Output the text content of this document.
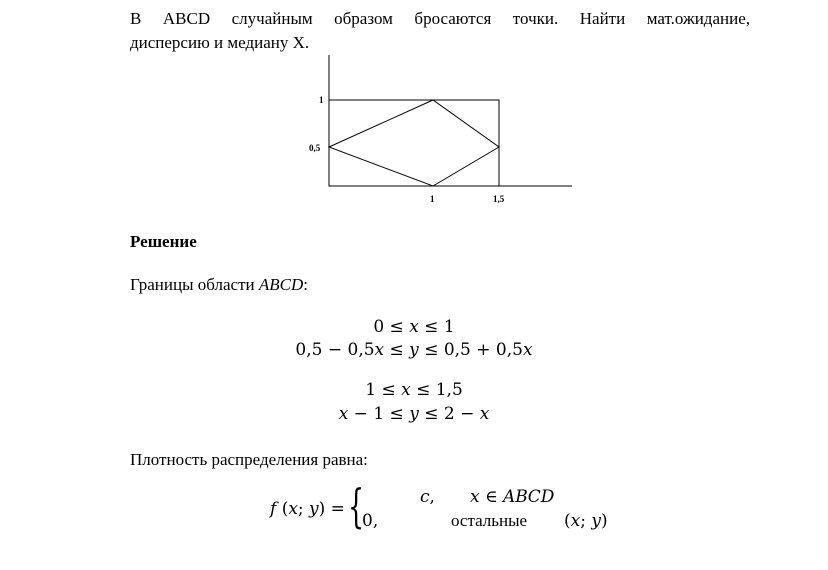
В ABCD случайным образом бросаются точки. Найти мат.ожидание,
дисперсию и медиану X.
1
0,5
1	1,5
Решение
Границы области ABCD:
0 ≤ 𝑥 ≤ 1
0,5 − 0,5𝑥 ≤ 𝑦 ≤ 0,5 + 0,5𝑥
1 ≤ 𝑥 ≤ 1,5
𝑥 − 1 ≤ 𝑦 ≤ 2 − 𝑥
Плотность распределения равна:
𝑓 (𝑥; 𝑦) = {	𝑐, 𝑥 ∈ 𝐴𝐵𝐶𝐷
0,	остальные (𝑥; 𝑦)
